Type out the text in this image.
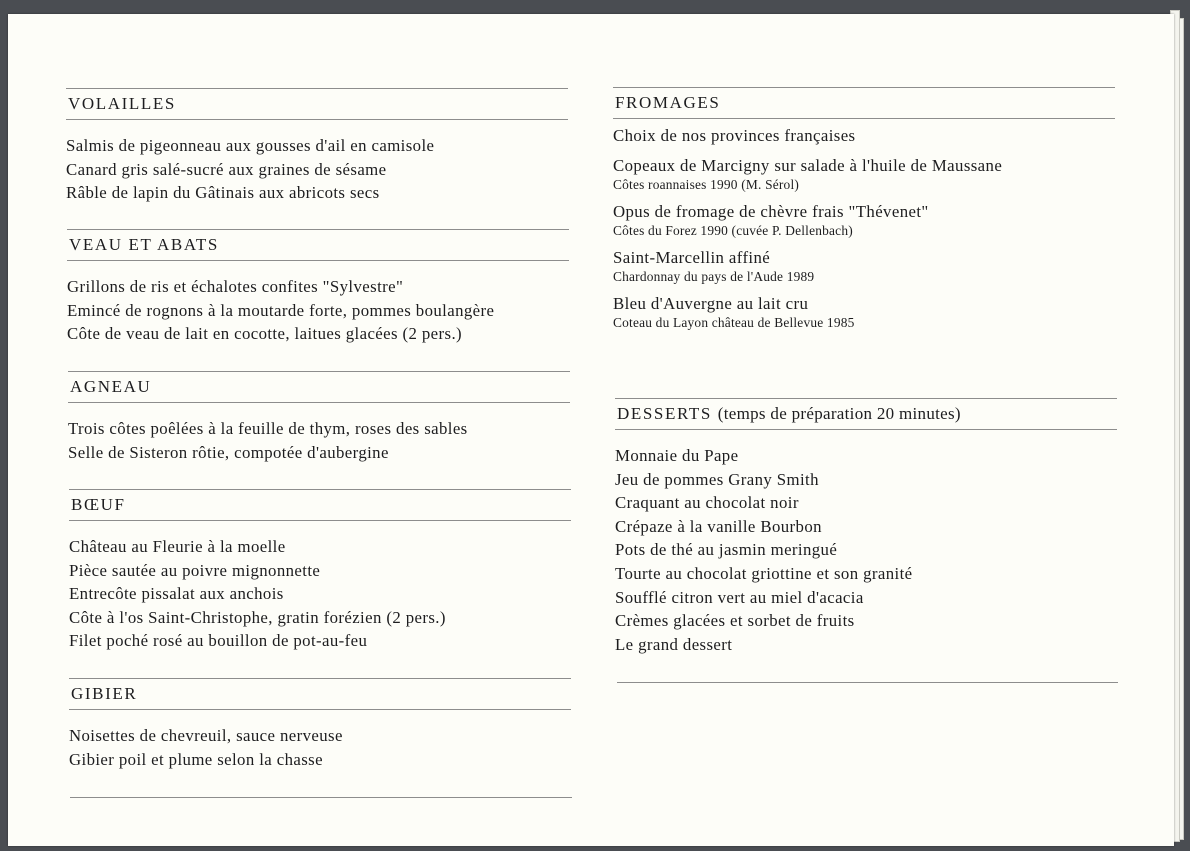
VOLAILLES
Salmis de pigeonneau aux gousses d'ail en camisole
Canard gris salé-sucré aux graines de sésame
Râble de lapin du Gâtinais aux abricots secs
VEAU ET ABATS
Grillons de ris et échalotes confites "Sylvestre"
Emincé de rognons à la moutarde forte, pommes boulangère
Côte de veau de lait en cocotte, laitues glacées (2 pers.)
AGNEAU
Trois côtes poêlées à la feuille de thym, roses des sables
Selle de Sisteron rôtie, compotée d'aubergine
BŒUF
Château au Fleurie à la moelle
Pièce sautée au poivre mignonnette
Entrecôte pissalat aux anchois
Côte à l'os Saint-Christophe, gratin forézien (2 pers.)
Filet poché rosé au bouillon de pot-au-feu
GIBIER
Noisettes de chevreuil, sauce nerveuse
Gibier poil et plume selon la chasse
FROMAGES
Choix de nos provinces françaises
Copeaux de Marcigny sur salade à l'huile de Maussane
Côtes roannaises 1990 (M. Sérol)
Opus de fromage de chèvre frais "Thévenet"
Côtes du Forez 1990 (cuvée P. Dellenbach)
Saint-Marcellin affiné
Chardonnay du pays de l'Aude 1989
Bleu d'Auvergne au lait cru
Coteau du Layon château de Bellevue 1985
DESSERTS (temps de préparation 20 minutes)
Monnaie du Pape
Jeu de pommes Grany Smith
Craquant au chocolat noir
Crépaze à la vanille Bourbon
Pots de thé au jasmin meringué
Tourte au chocolat griottine et son granité
Soufflé citron vert au miel d'acacia
Crèmes glacées et sorbet de fruits
Le grand dessert
